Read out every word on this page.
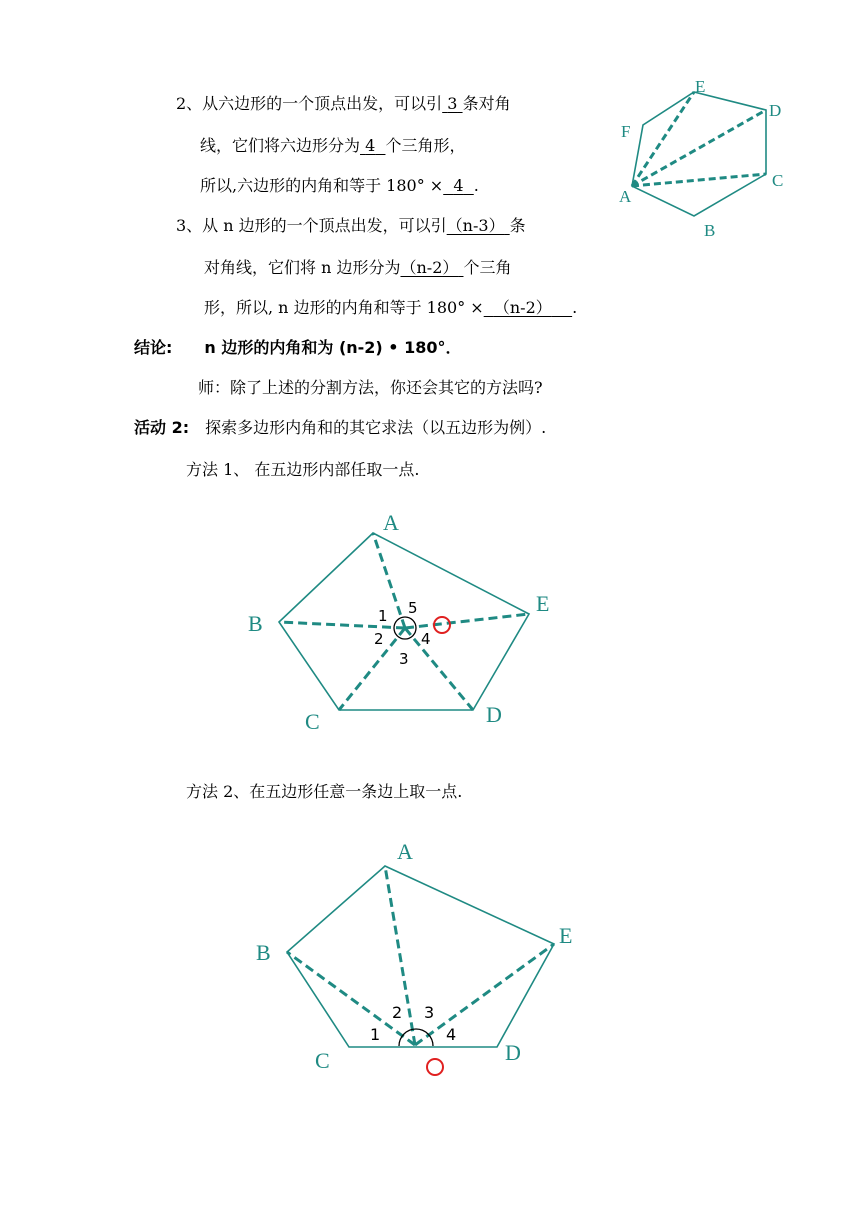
2、从六边形的一个顶点出发，可以引 3 条对角
线，它们将六边形分为 4 个三角形，
所以,六边形的内角和等于 180° × 4 .
3、从 n 边形的一个顶点出发，可以引（n-3） 条
对角线，它们将 n 边形分为（n-2） 个三角
形，所以, n 边形的内角和等于 180° × （n-2） .
结论: n 边形的内角和为 (n-2) • 180°．
师：除了上述的分割方法，你还会其它的方法吗?
活动 2: 探索多边形内角和的其它求法（以五边形为例）.
方法 1、 在五边形内部任取一点.
方法 2、在五边形任意一条边上取一点.
A
B
C
D
E
F
A
B
C	D
E
1
2
3
4
5
A
B
C	D
E
1
2 3
4
